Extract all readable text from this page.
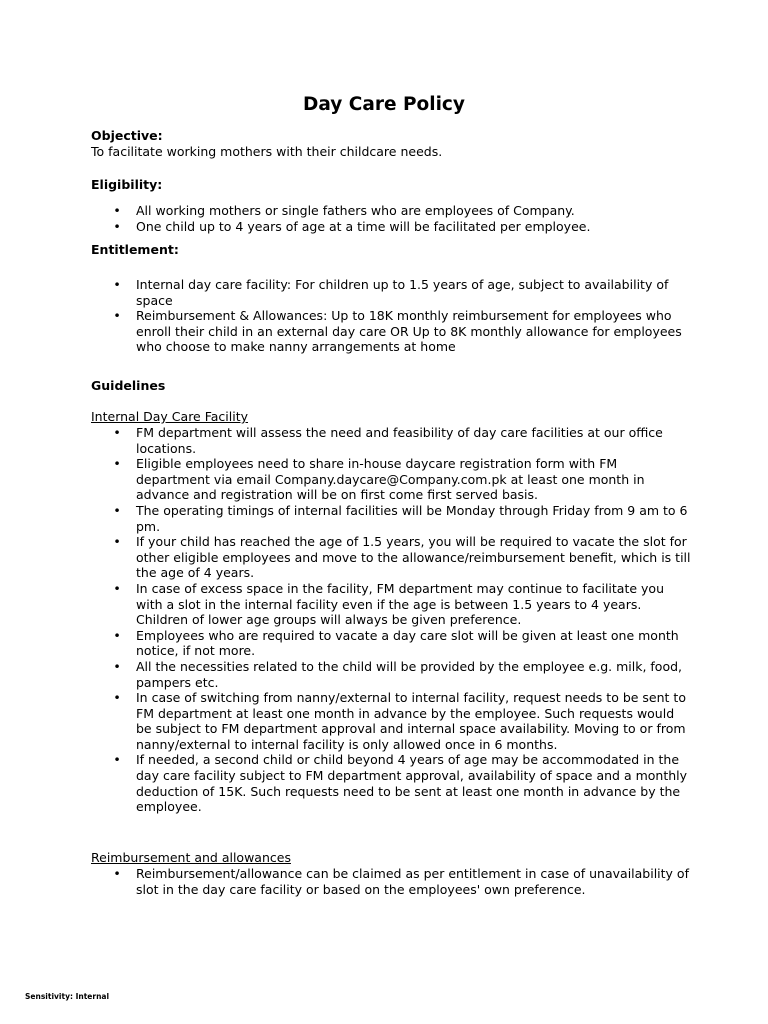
Day Care Policy
Objective:
To facilitate working mothers with their childcare needs.
Eligibility:
• All working mothers or single fathers who are employees of Company.
• One child up to 4 years of age at a time will be facilitated per employee.
Entitlement:
• Internal day care facility: For children up to 1.5 years of age, subject to availability of space
• Reimbursement & Allowances: Up to 18K monthly reimbursement for employees who enroll their child in an external day care OR Up to 8K monthly allowance for employees who choose to make nanny arrangements at home
Guidelines
Internal Day Care Facility
• FM department will assess the need and feasibility of day care facilities at our office locations.
• Eligible employees need to share in-house daycare registration form with FM department via email Company.daycare@Company.com.pk at least one month in advance and registration will be on first come first served basis.
• The operating timings of internal facilities will be Monday through Friday from 9 am to 6 pm.
• If your child has reached the age of 1.5 years, you will be required to vacate the slot for other eligible employees and move to the allowance/reimbursement benefit, which is till the age of 4 years.
• In case of excess space in the facility, FM department may continue to facilitate you with a slot in the internal facility even if the age is between 1.5 years to 4 years. Children of lower age groups will always be given preference.
• Employees who are required to vacate a day care slot will be given at least one month notice, if not more.
• All the necessities related to the child will be provided by the employee e.g. milk, food, pampers etc.
• In case of switching from nanny/external to internal facility, request needs to be sent to FM department at least one month in advance by the employee. Such requests would be subject to FM department approval and internal space availability. Moving to or from nanny/external to internal facility is only allowed once in 6 months.
• If needed, a second child or child beyond 4 years of age may be accommodated in the day care facility subject to FM department approval, availability of space and a monthly deduction of 15K. Such requests need to be sent at least one month in advance by the employee.
Reimbursement and allowances
• Reimbursement/allowance can be claimed as per entitlement in case of unavailability of slot in the day care facility or based on the employees' own preference.
Sensitivity: Internal
